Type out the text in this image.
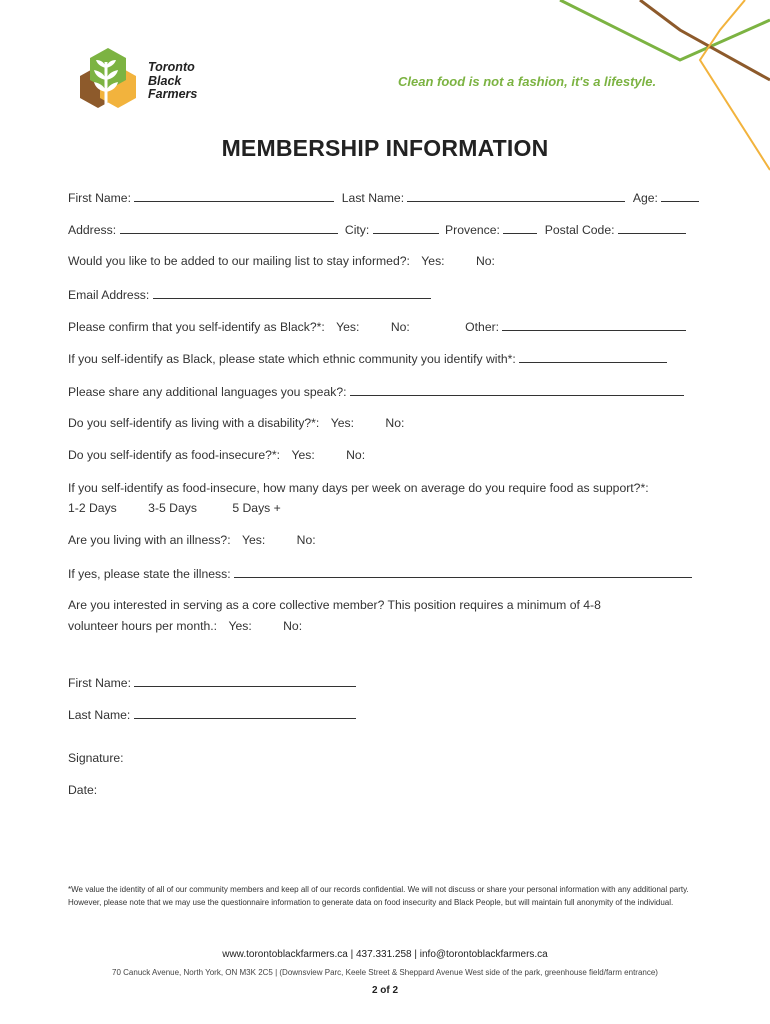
Toronto
Black
Farmers
Clean food is not a fashion, it's a lifestyle.
MEMBERSHIP INFORMATION
First Name:	Last Name:	Age:
Address:	City:	Provence:	Postal Code:
Would you like to be added to our mailing list to stay informed?: Yes:	No:
Email Address:
Please confirm that you self-identify as Black?*: Yes:	No:	Other:
If you self-identify as Black, please state which ethnic community you identify with*:
Please share any additional languages you speak?:
Do you self-identify as living with a disability?*: Yes:	No:
Do you self-identify as food-insecure?*: Yes:	No:
If you self-identify as food-insecure, how many days per week on average do you require food as support?*:
1-2 Days	3-5 Days	5 Days +
Are you living with an illness?: Yes:	No:
If yes, please state the illness:
Are you interested in serving as a core collective member? This position requires a minimum of 4-8
volunteer hours per month.: Yes:	No:
First Name:
Last Name:
Signature:
Date:
*We value the identity of all of our community members and keep all of our records confidential. We will not discuss or share your personal information with any additional party. However, please note that we may use the questionnaire information to generate data on food insecurity and Black People, but will maintain full anonymity of the individual.
www.torontoblackfarmers.ca | 437.331.258 | info@torontoblackfarmers.ca
70 Canuck Avenue, North York, ON M3K 2C5 | (Downsview Parc, Keele Street & Sheppard Avenue West side of the park, greenhouse field/farm entrance)
2 of 2
